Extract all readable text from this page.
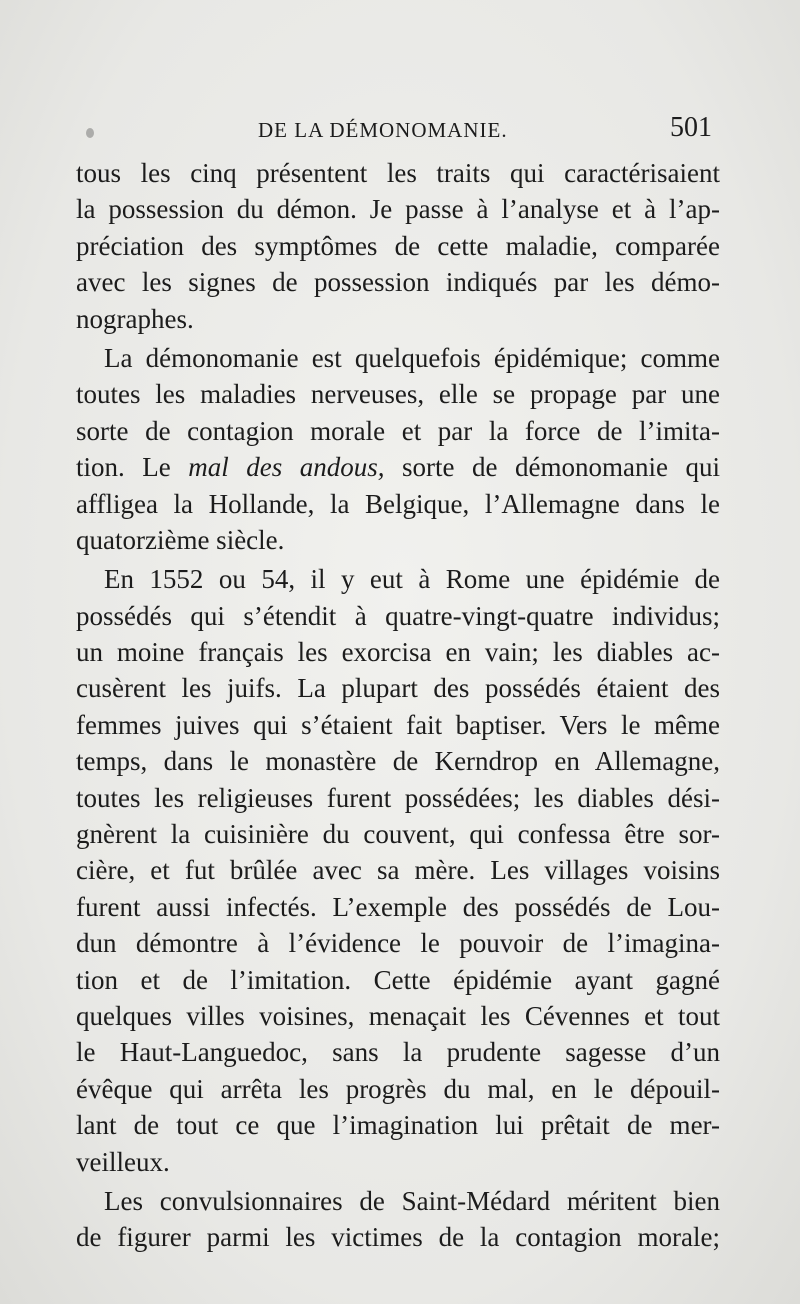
DE LA DÉMONOMANIE.	501
tous les cinq présentent les traits qui caractérisaient
la possession du démon. Je passe à l’analyse et à l’ap-
préciation des symptômes de cette maladie, comparée
avec les signes de possession indiqués par les démo-
nographes.
La démonomanie est quelquefois épidémique; comme
toutes les maladies nerveuses, elle se propage par une
sorte de contagion morale et par la force de l’imita-
tion. Le mal des andous, sorte de démonomanie qui
affligea la Hollande, la Belgique, l’Allemagne dans le
quatorzième siècle.
En 1552 ou 54, il y eut à Rome une épidémie de
possédés qui s’étendit à quatre-vingt-quatre individus;
un moine français les exorcisa en vain; les diables ac-
cusèrent les juifs. La plupart des possédés étaient des
femmes juives qui s’étaient fait baptiser. Vers le même
temps, dans le monastère de Kerndrop en Allemagne,
toutes les religieuses furent possédées; les diables dési-
gnèrent la cuisinière du couvent, qui confessa être sor-
cière, et fut brûlée avec sa mère. Les villages voisins
furent aussi infectés. L’exemple des possédés de Lou-
dun démontre à l’évidence le pouvoir de l’imagina-
tion et de l’imitation. Cette épidémie ayant gagné
quelques villes voisines, menaçait les Cévennes et tout
le Haut-Languedoc, sans la prudente sagesse d’un
évêque qui arrêta les progrès du mal, en le dépouil-
lant de tout ce que l’imagination lui prêtait de mer-
veilleux.
Les convulsionnaires de Saint-Médard méritent bien
de figurer parmi les victimes de la contagion morale;
